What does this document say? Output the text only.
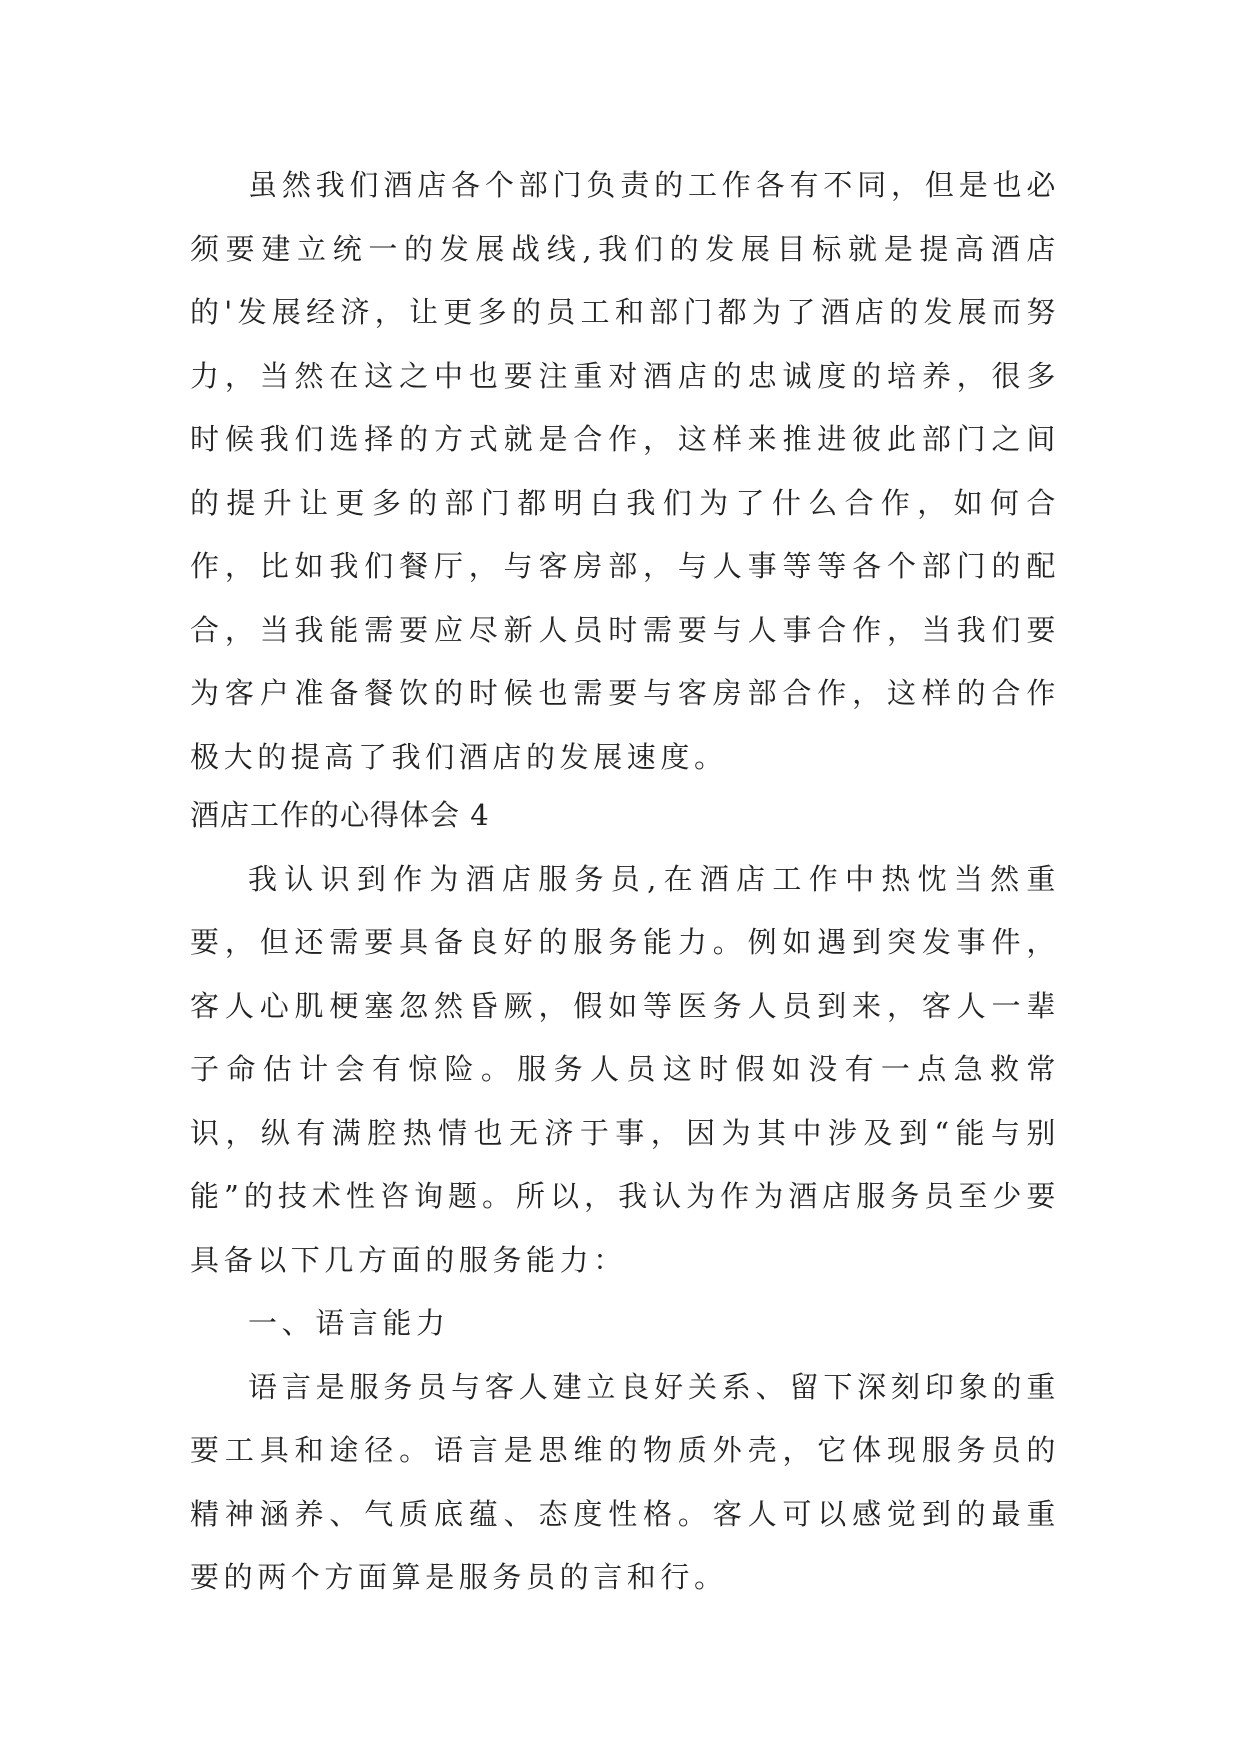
虽然我们酒店各个部门负责的工作各有不同，但是也必须要建立统一的发展战线,我们的发展目标就是提高酒店的'发展经济，让更多的员工和部门都为了酒店的发展而努力，当然在这之中也要注重对酒店的忠诚度的培养，很多时候我们选择的方式就是合作，这样来推进彼此部门之间的提升让更多的部门都明白我们为了什么合作，如何合作，比如我们餐厅，与客房部，与人事等等各个部门的配合，当我能需要应尽新人员时需要与人事合作，当我们要为客户准备餐饮的时候也需要与客房部合作，这样的合作极大的提高了我们酒店的发展速度。

酒店工作的心得体会 4

我认识到作为酒店服务员,在酒店工作中热忱当然重要，但还需要具备良好的服务能力。例如遇到突发事件，客人心肌梗塞忽然昏厥，假如等医务人员到来，客人一辈子命估计会有惊险。服务人员这时假如没有一点急救常识，纵有满腔热情也无济于事，因为其中涉及到“能与别能”的技术性咨询题。所以，我认为作为酒店服务员至少要具备以下几方面的服务能力：

一、语言能力

语言是服务员与客人建立良好关系、留下深刻印象的重要工具和途径。语言是思维的物质外壳，它体现服务员的精神涵养、气质底蕴、态度性格。客人可以感觉到的最重要的两个方面算是服务员的言和行。
